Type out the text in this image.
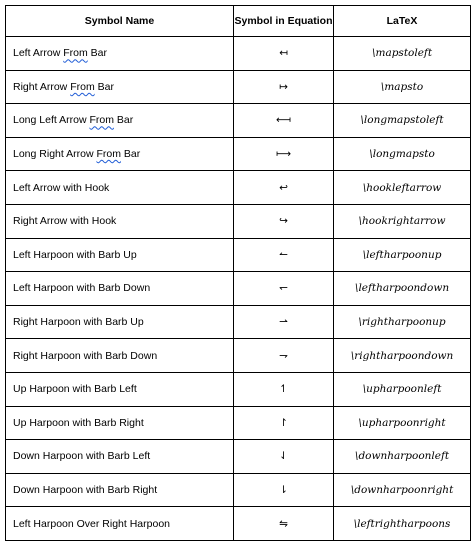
Symbol Name	Symbol in Equation	LaTeX
Left Arrow From Bar	↤	\mapstoleft
Right Arrow From Bar	↦	\mapsto
Long Left Arrow From Bar	⟻	\longmapstoleft
Long Right Arrow From Bar	⟼	\longmapsto
Left Arrow with Hook	↩	\hookleftarrow
Right Arrow with Hook	↪	\hookrightarrow
Left Harpoon with Barb Up	↼	\leftharpoonup
Left Harpoon with Barb Down	↽	\leftharpoondown
Right Harpoon with Barb Up	⇀	\rightharpoonup
Right Harpoon with Barb Down	⇁	\rightharpoondown
Up Harpoon with Barb Left	↿	\upharpoonleft
Up Harpoon with Barb Right	↾	\upharpoonright
Down Harpoon with Barb Left	⇃	\downharpoonleft
Down Harpoon with Barb Right	⇂	\downharpoonright
Left Harpoon Over Right Harpoon	⇋	\leftrightharpoons
